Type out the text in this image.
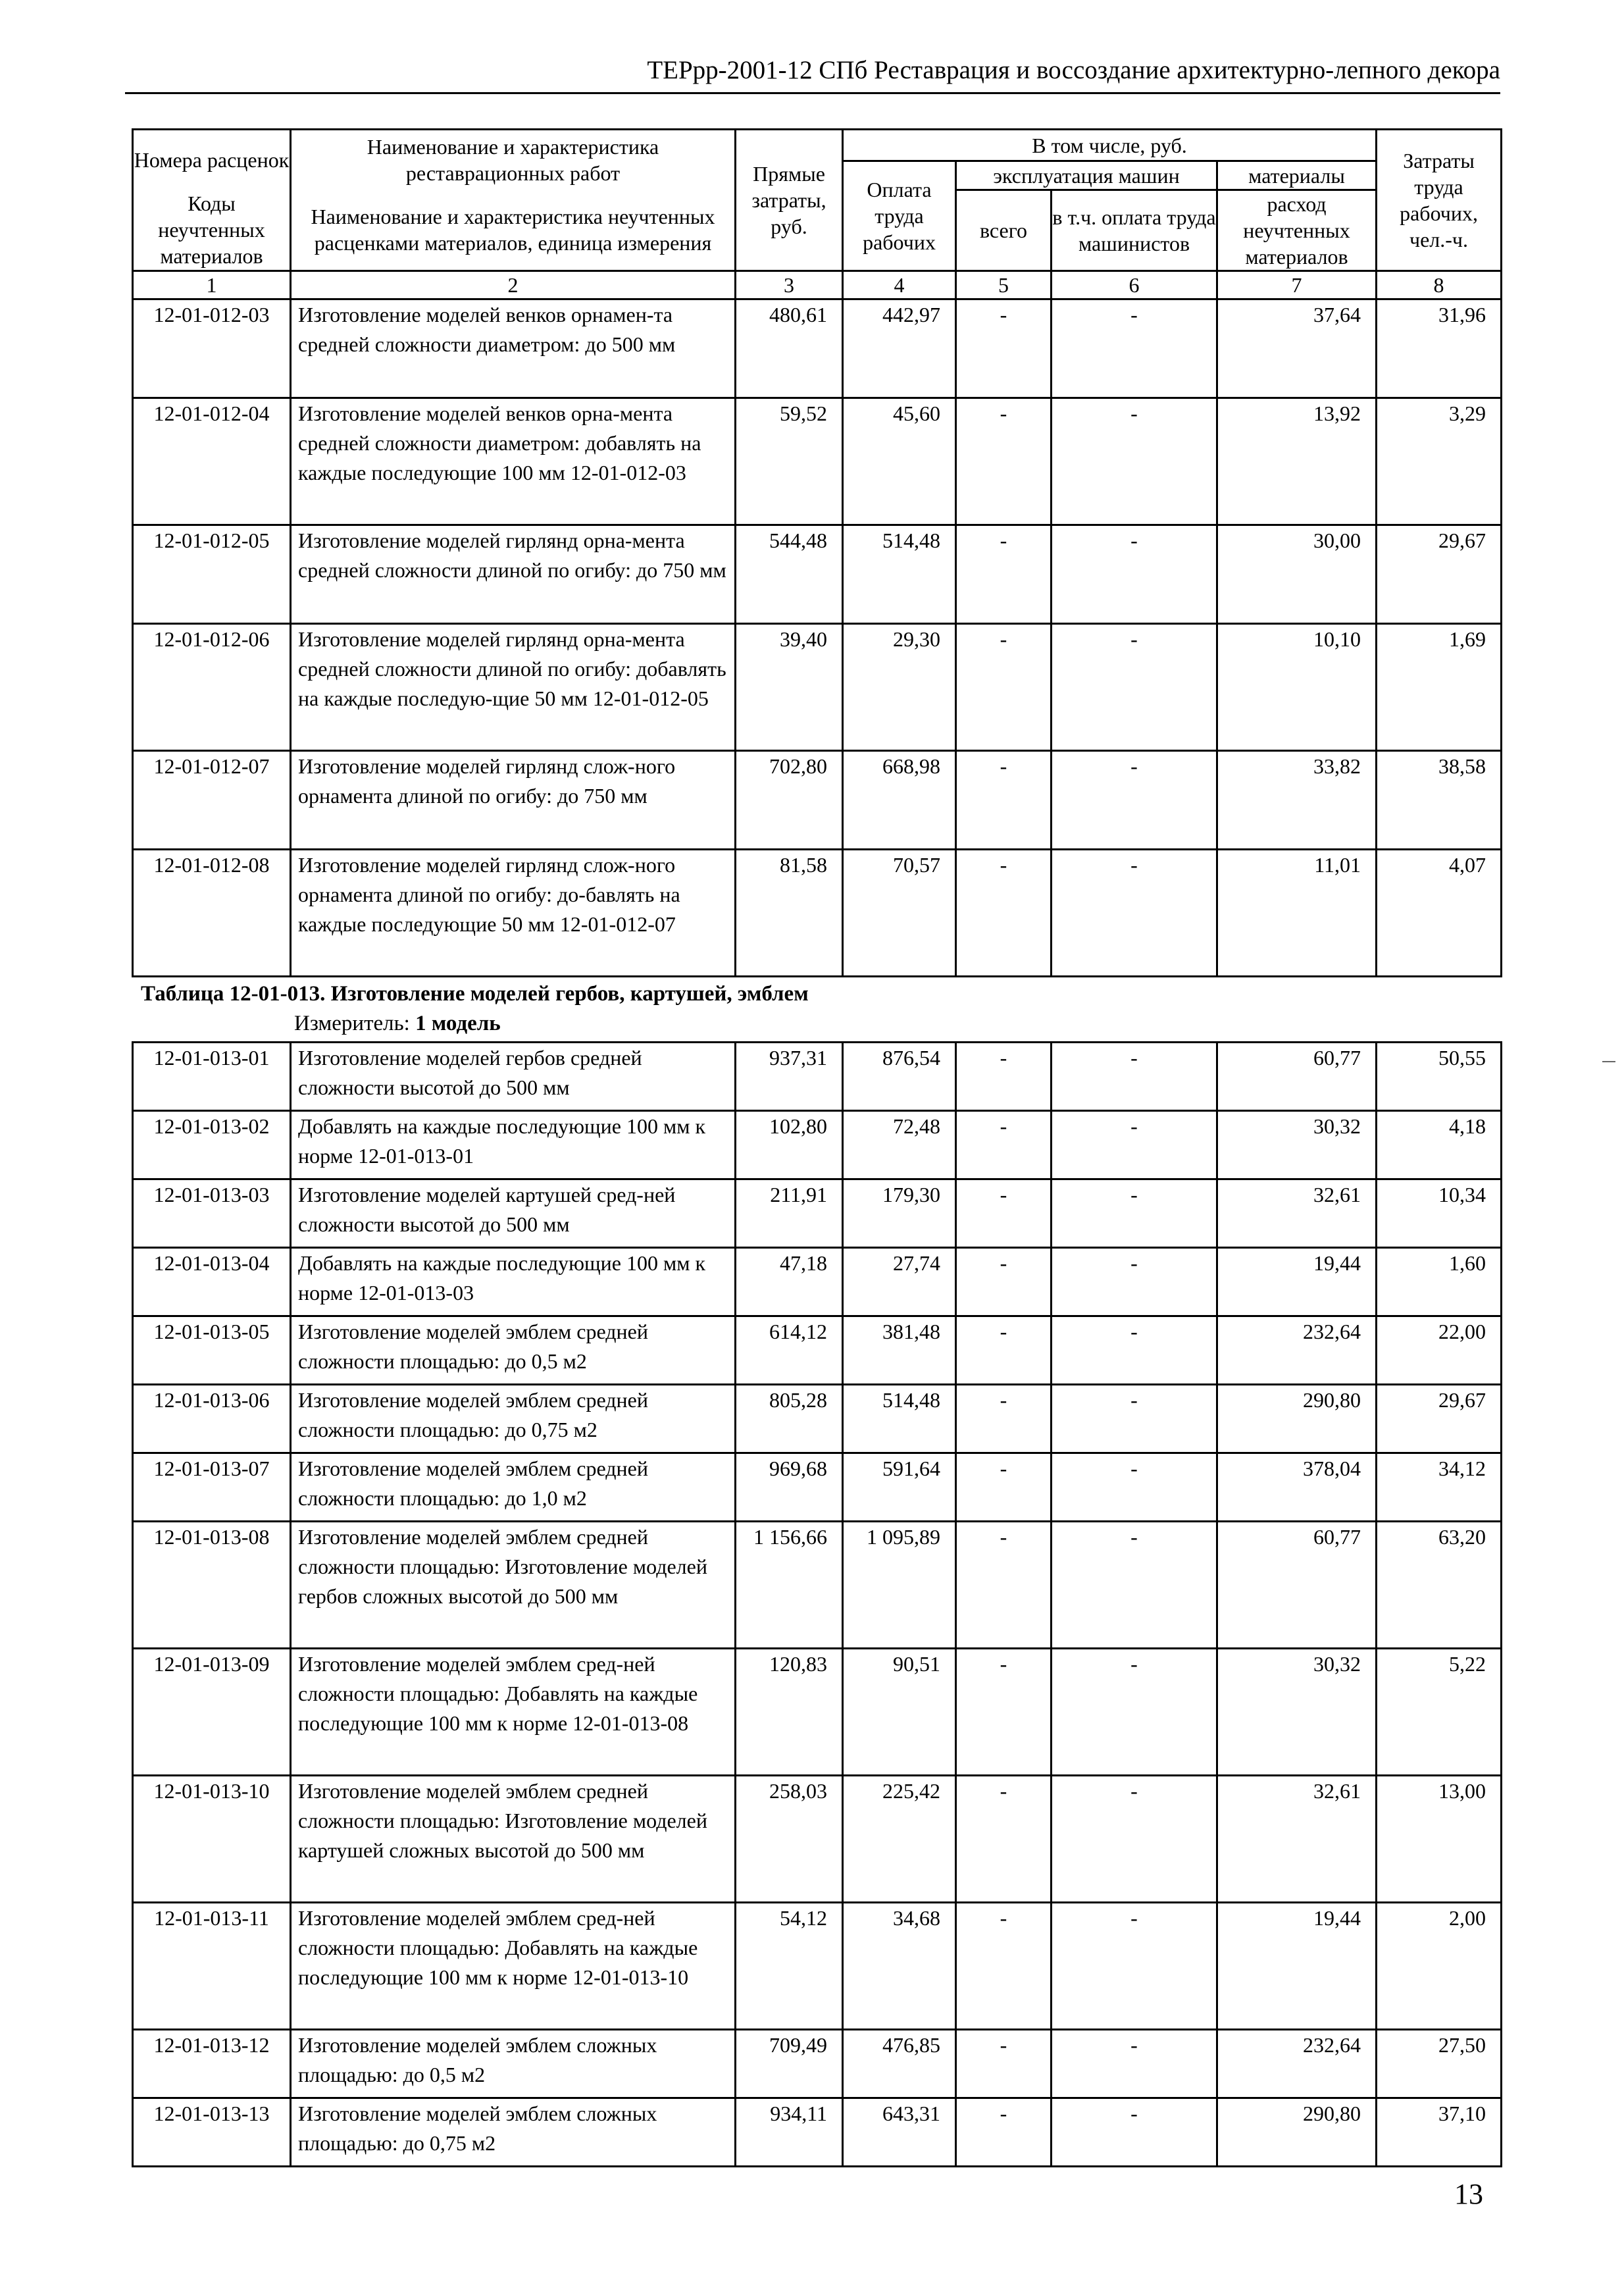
ТЕРрр-2001-12 СПб Реставрация и воссоздание архитектурно-лепного декора
Номера расценок	Наименование и характеристика реставрационных работ	Прямые затраты, руб.	В том числе, руб.				Затраты труда рабочих, чел.-ч.
			Оплата труда рабочих	эксплуатация машин		материалы	
Коды неучтенных материалов	Наименование и характеристика неучтенных расценками материалов, единица измерения			всего	в т.ч. оплата труда машинистов	расход неучтенных материалов	

1	2	3	4	5	6	7	8
12-01-012-03	Изготовление моделей венков орнамен-та средней сложности диаметром: до 500 мм	480,61	442,97	-	-	37,64	31,96
12-01-012-04	Изготовление моделей венков орна-мента средней сложности диаметром: добавлять на каждые последующие 100 мм 12-01-012-03	59,52	45,60	-	-	13,92	3,29
12-01-012-05	Изготовление моделей гирлянд орна-мента средней сложности длиной по огибу: до 750 мм	544,48	514,48	-	-	30,00	29,67
12-01-012-06	Изготовление моделей гирлянд орна-мента средней сложности длиной по огибу: добавлять на каждые последую-щие 50 мм 12-01-012-05	39,40	29,30	-	-	10,10	1,69
12-01-012-07	Изготовление моделей гирлянд слож-ного орнамента длиной по огибу: до 750 мм	702,80	668,98	-	-	33,82	38,58
12-01-012-08	Изготовление моделей гирлянд слож-ного орнамента длиной по огибу: до-бавлять на каждые последующие 50 мм 12-01-012-07	81,58	70,57	-	-	11,01	4,07
Таблица 12-01-013. Изготовление моделей гербов, картушей, эмблем
Измеритель: 1 модель
12-01-013-01	Изготовление моделей гербов средней сложности высотой до 500 мм	937,31	876,54	-	-	60,77	50,55
12-01-013-02	Добавлять на каждые последующие 100 мм к норме 12-01-013-01	102,80	72,48	-	-	30,32	4,18
12-01-013-03	Изготовление моделей картушей сред-ней сложности высотой до 500 мм	211,91	179,30	-	-	32,61	10,34
12-01-013-04	Добавлять на каждые последующие 100 мм к норме 12-01-013-03	47,18	27,74	-	-	19,44	1,60
12-01-013-05	Изготовление моделей эмблем средней сложности площадью: до 0,5 м2	614,12	381,48	-	-	232,64	22,00
12-01-013-06	Изготовление моделей эмблем средней сложности площадью: до 0,75 м2	805,28	514,48	-	-	290,80	29,67
12-01-013-07	Изготовление моделей эмблем средней сложности площадью: до 1,0 м2	969,68	591,64	-	-	378,04	34,12
12-01-013-08	Изготовление моделей эмблем средней сложности площадью: Изготовление моделей гербов сложных высотой до 500 мм	1 156,66	1 095,89	-	-	60,77	63,20
12-01-013-09	Изготовление моделей эмблем сред-ней сложности площадью: Добавлять на каждые последующие 100 мм к норме 12-01-013-08	120,83	90,51	-	-	30,32	5,22
12-01-013-10	Изготовление моделей эмблем средней сложности площадью: Изготовление моделей картушей сложных высотой до 500 мм	258,03	225,42	-	-	32,61	13,00
12-01-013-11	Изготовление моделей эмблем сред-ней сложности площадью: Добавлять на каждые последующие 100 мм к норме 12-01-013-10	54,12	34,68	-	-	19,44	2,00
12-01-013-12	Изготовление моделей эмблем сложных площадью: до 0,5 м2	709,49	476,85	-	-	232,64	27,50
12-01-013-13	Изготовление моделей эмблем сложных площадью: до 0,75 м2	934,11	643,31	-	-	290,80	37,10
13
